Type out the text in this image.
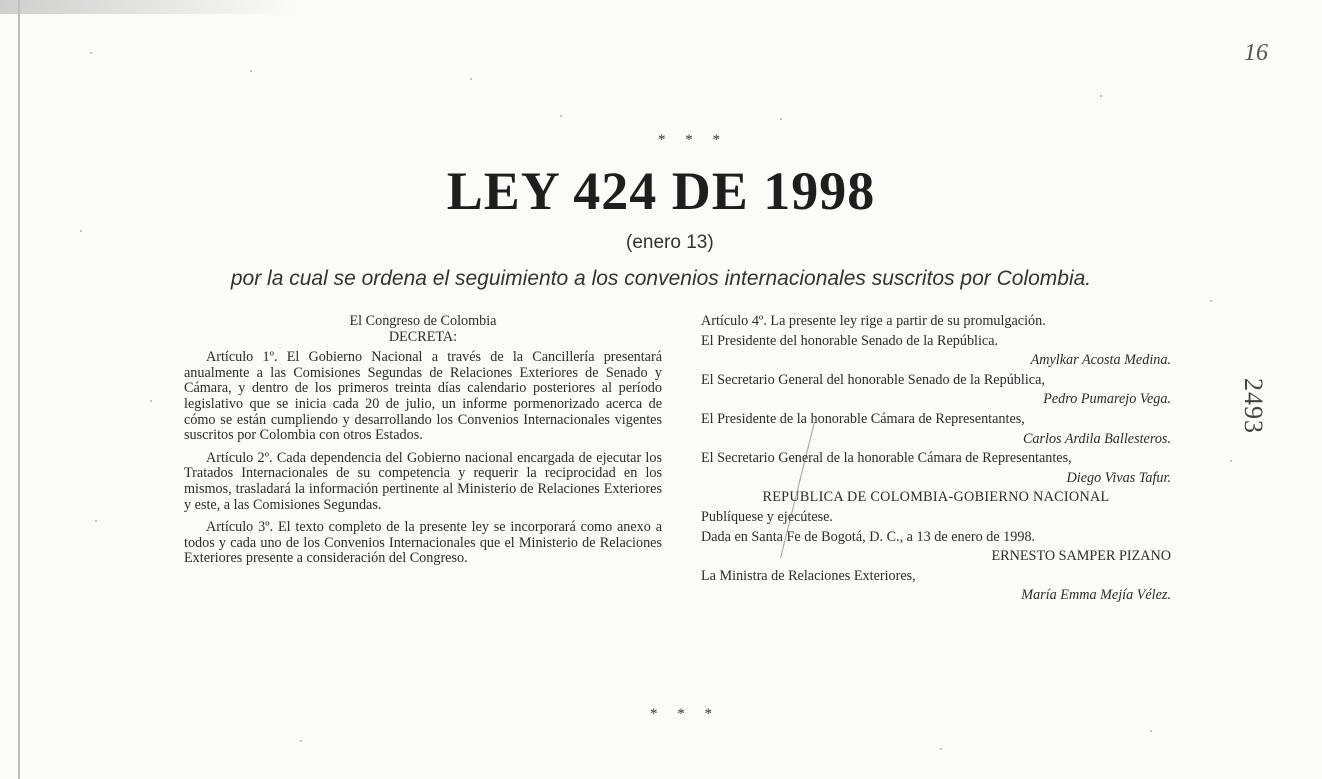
16
2493
* * *
LEY 424 DE 1998
(enero 13)
por la cual se ordena el seguimiento a los convenios internacionales suscritos por Colombia.
El Congreso de Colombia
DECRETA:

Artículo 1º. El Gobierno Nacional a través de la Cancillería presentará anualmente a las Comisiones Segundas de Relaciones Exteriores de Senado y Cámara, y dentro de los primeros treinta días calendario posteriores al período legislativo que se inicia cada 20 de julio, un informe pormenorizado acerca de cómo se están cumpliendo y desarrollando los Convenios Internacionales vigentes suscritos por Colombia con otros Estados.

Artículo 2º. Cada dependencia del Gobierno nacional encargada de ejecutar los Tratados Internacionales de su competencia y requerir la reciprocidad en los mismos, trasladará la información pertinente al Ministerio de Relaciones Exteriores y este, a las Comisiones Segundas.

Artículo 3º. El texto completo de la presente ley se incorporará como anexo a todos y cada uno de los Convenios Internacionales que el Ministerio de Relaciones Exteriores presente a consideración del Congreso.

Artículo 4º. La presente ley rige a partir de su promulgación.

El Presidente del honorable Senado de la República.

Amylkar Acosta Medina.

El Secretario General del honorable Senado de la República,

Pedro Pumarejo Vega.

El Presidente de la honorable Cámara de Representantes,

Carlos Ardila Ballesteros.

El Secretario General de la honorable Cámara de Representantes,

Diego Vivas Tafur.

REPUBLICA DE COLOMBIA-GOBIERNO NACIONAL

Publíquese y ejecútese.

Dada en Santa Fe de Bogotá, D. C., a 13 de enero de 1998.

ERNESTO SAMPER PIZANO

La Ministra de Relaciones Exteriores,

María Emma Mejía Vélez.

* * *
